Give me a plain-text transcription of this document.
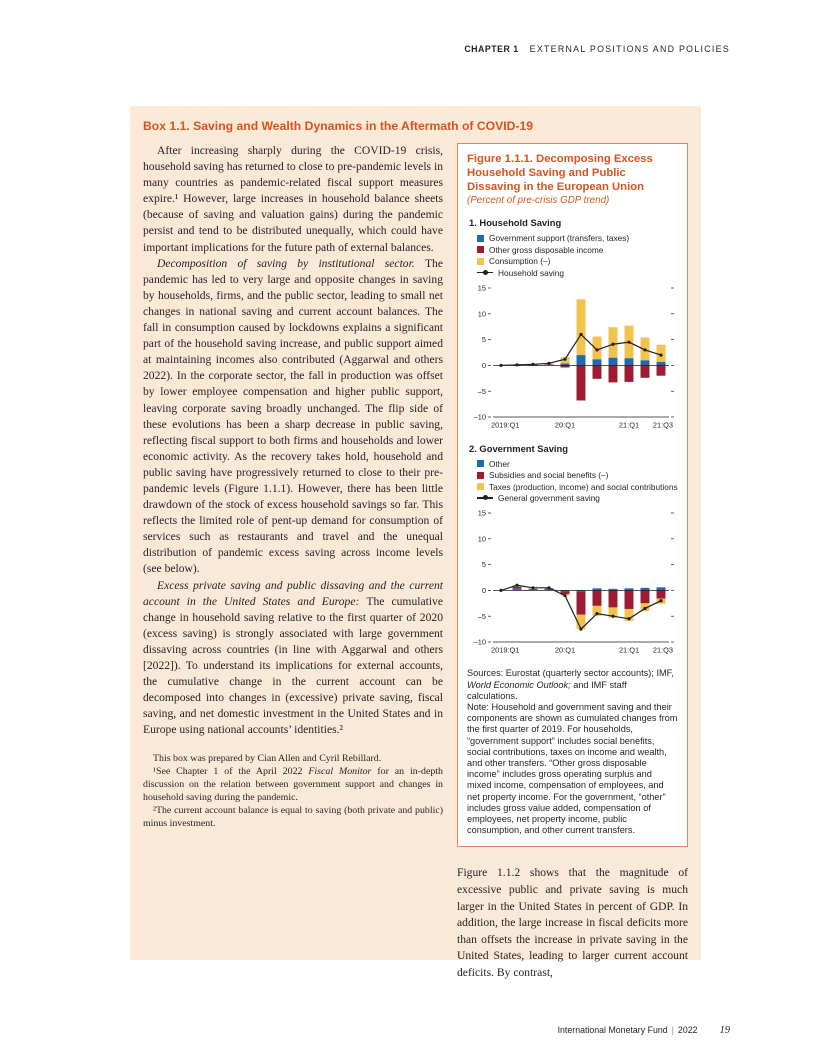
CHAPTER 1 EXTERNAL POSITIONS AND POLICIES
Box 1.1. Saving and Wealth Dynamics in the Aftermath of COVID-19

After increasing sharply during the COVID-19 crisis, household saving has returned to close to pre-pandemic levels in many countries as pandemic-related fiscal support measures expire.¹ However, large increases in household balance sheets (because of saving and valuation gains) during the pandemic persist and tend to be distributed unequally, which could have important implications for the future path of external balances.

Decomposition of saving by institutional sector. The pandemic has led to very large and opposite changes in saving by households, firms, and the public sector, leading to small net changes in national saving and current account balances. The fall in consumption caused by lockdowns explains a significant part of the household saving increase, and public support aimed at maintaining incomes also contributed (Aggarwal and others 2022). In the corporate sector, the fall in production was offset by lower employee compensation and higher public support, leaving corporate saving broadly unchanged. The flip side of these evolutions has been a sharp decrease in public saving, reflecting fiscal support to both firms and households and lower economic activity. As the recovery takes hold, household and public saving have progressively returned to close to their pre-pandemic levels (Figure 1.1.1). However, there has been little drawdown of the stock of excess household savings so far. This reflects the limited role of pent-up demand for consumption of services such as restaurants and travel and the unequal distribution of pandemic excess saving across income levels (see below).

Excess private saving and public dissaving and the current account in the United States and Europe: The cumulative change in household saving relative to the first quarter of 2020 (excess saving) is strongly associated with large government dissaving across countries (in line with Aggarwal and others [2022]). To understand its implications for external accounts, the cumulative change in the current account can be decomposed into changes in (excessive) private saving, fiscal saving, and net domestic investment in the United States and in Europe using national accounts’ identities.²

This box was prepared by Cian Allen and Cyril Rebillard.

¹See Chapter 1 of the April 2022 Fiscal Monitor for an in-depth discussion on the relation between government support and changes in household saving during the pandemic.

²The current account balance is equal to saving (both private and public) minus investment.

Figure 1.1.1. Decomposing Excess Household Saving and Public Dissaving in the European Union
(Percent of pre-crisis GDP trend)
1. Household Saving
Government support (transfers, taxes)
Other gross disposable income
Consumption (–)
Household saving
15
10
5
0
–5
–10
2019:Q1	20:Q1	21:Q1 21:Q3
2. Government Saving
Other
Subsidies and social benefits (–)
Taxes (production, income) and social contributions
General government saving
15
10
5
0
–5
–10
2019:Q1	20:Q1	21:Q1 21:Q3

Sources: Eurostat (quarterly sector accounts); IMF, World Economic Outlook; and IMF staff calculations.

Note: Household and government saving and their components are shown as cumulated changes from the first quarter of 2019. For households, “government support” includes social benefits, social contributions, taxes on income and wealth, and other transfers. “Other gross disposable income” includes gross operating surplus and mixed income, compensation of employees, and net property income. For the government, “other” includes gross value added, compensation of employees, net property income, public consumption, and other current transfers.

Figure 1.1.2 shows that the magnitude of excessive public and private saving is much larger in the United States in percent of GDP. In addition, the large increase in fiscal deficits more than offsets the increase in private saving in the United States, leading to larger current account deficits. By contrast,

International Monetary Fund | 2022 19
